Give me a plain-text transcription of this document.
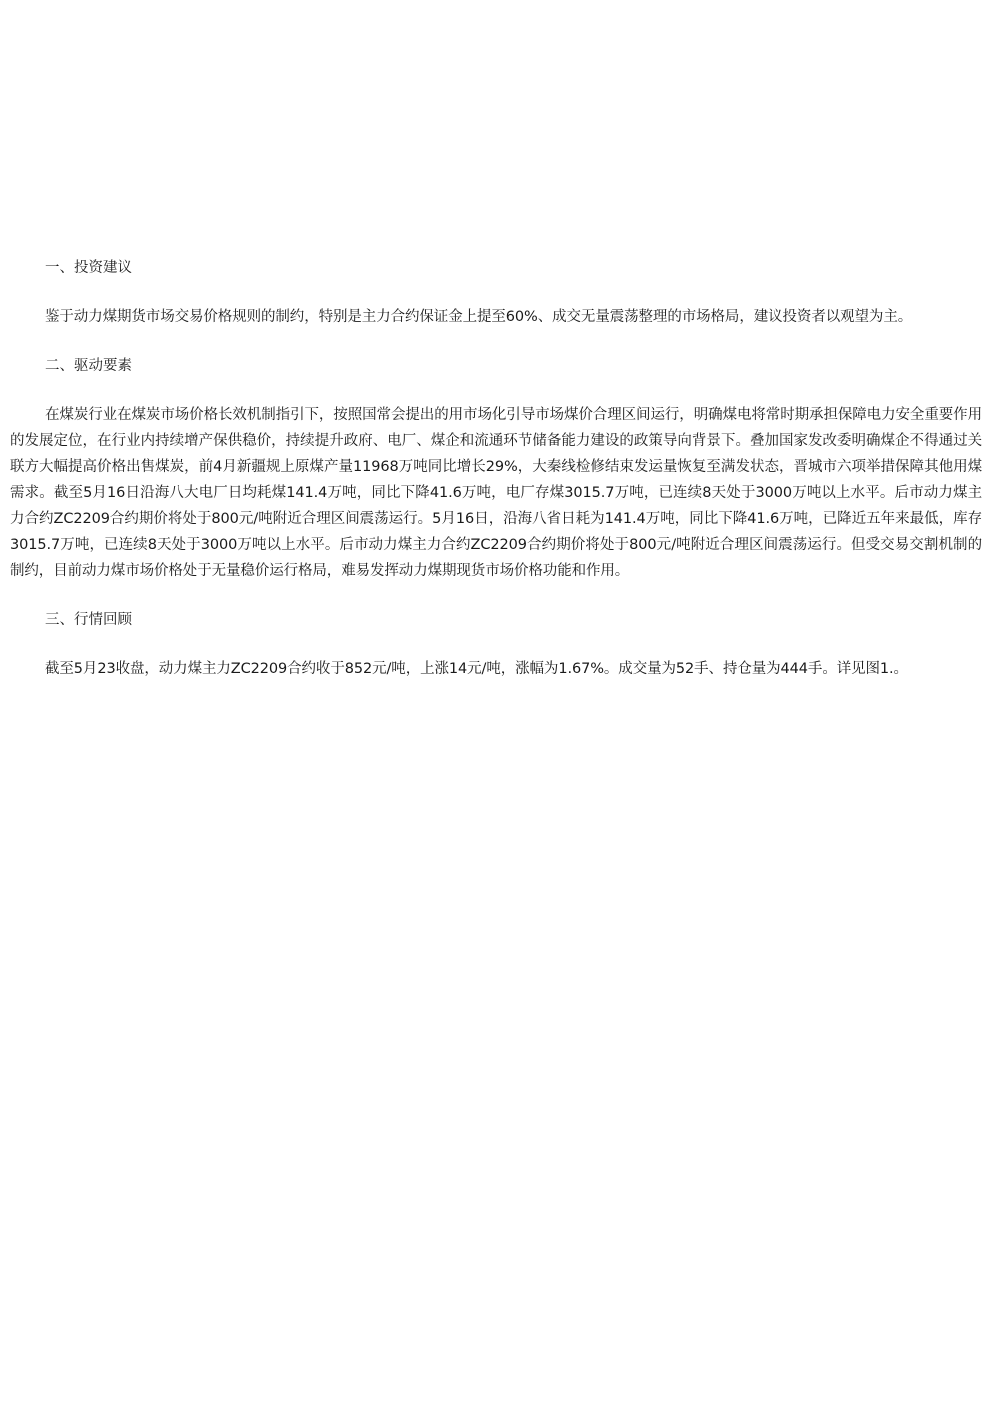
一、投资建议

鉴于动力煤期货市场交易价格规则的制约，特别是主力合约保证金上提至60%、成交无量震荡整理的市场格局，建议投资者以观望为主。

二、驱动要素

在煤炭行业在煤炭市场价格长效机制指引下，按照国常会提出的用市场化引导市场煤价合理区间运行，明确煤电将常时期承担保障电力安全重要作用的发展定位，在行业内持续增产保供稳价，持续提升政府、电厂、煤企和流通环节储备能力建设的政策导向背景下。叠加国家发改委明确煤企不得通过关联方大幅提高价格出售煤炭，前4月新疆规上原煤产量11968万吨同比增长29%，大秦线检修结束发运量恢复至满发状态，晋城市六项举措保障其他用煤需求。截至5月16日沿海八大电厂日均耗煤141.4万吨，同比下降41.6万吨，电厂存煤3015.7万吨，已连续8天处于3000万吨以上水平。后市动力煤主力合约ZC2209合约期价将处于800元/吨附近合理区间震荡运行。5月16日，沿海八省日耗为141.4万吨，同比下降41.6万吨，已降近五年来最低，库存3015.7万吨，已连续8天处于3000万吨以上水平。后市动力煤主力合约ZC2209合约期价将处于800元/吨附近合理区间震荡运行。但受交易交割机制的制约，目前动力煤市场价格处于无量稳价运行格局，难易发挥动力煤期现货市场价格功能和作用。

三、行情回顾

截至5月23收盘，动力煤主力ZC2209合约收于852元/吨，上涨14元/吨，涨幅为1.67%。成交量为52手、持仓量为444手。详见图1.。
